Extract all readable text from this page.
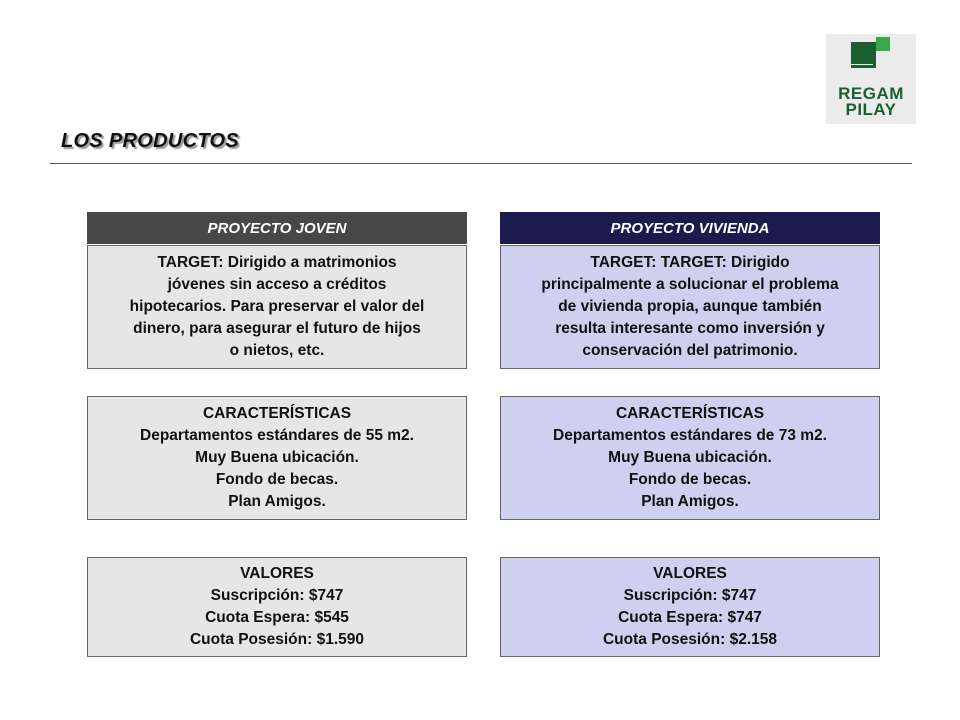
REGAM
PILAY
LOS PRODUCTOS
PROYECTO JOVEN	PROYECTO VIVIENDA
TARGET: Dirigido a matrimonios
jóvenes sin acceso a créditos
hipotecarios. Para preservar el valor del
dinero, para asegurar el futuro de hijos
o nietos, etc.
TARGET: TARGET: Dirigido
principalmente a solucionar el problema
de vivienda propia, aunque también
resulta interesante como inversión y
conservación del patrimonio.
CARACTERÍSTICAS
Departamentos estándares de 55 m2.
Muy Buena ubicación.
Fondo de becas.
Plan Amigos.
CARACTERÍSTICAS
Departamentos estándares de 73 m2.
Muy Buena ubicación.
Fondo de becas.
Plan Amigos.
VALORES
Suscripción: $747
Cuota Espera: $545
Cuota Posesión: $1.590
VALORES
Suscripción: $747
Cuota Espera: $747
Cuota Posesión: $2.158
